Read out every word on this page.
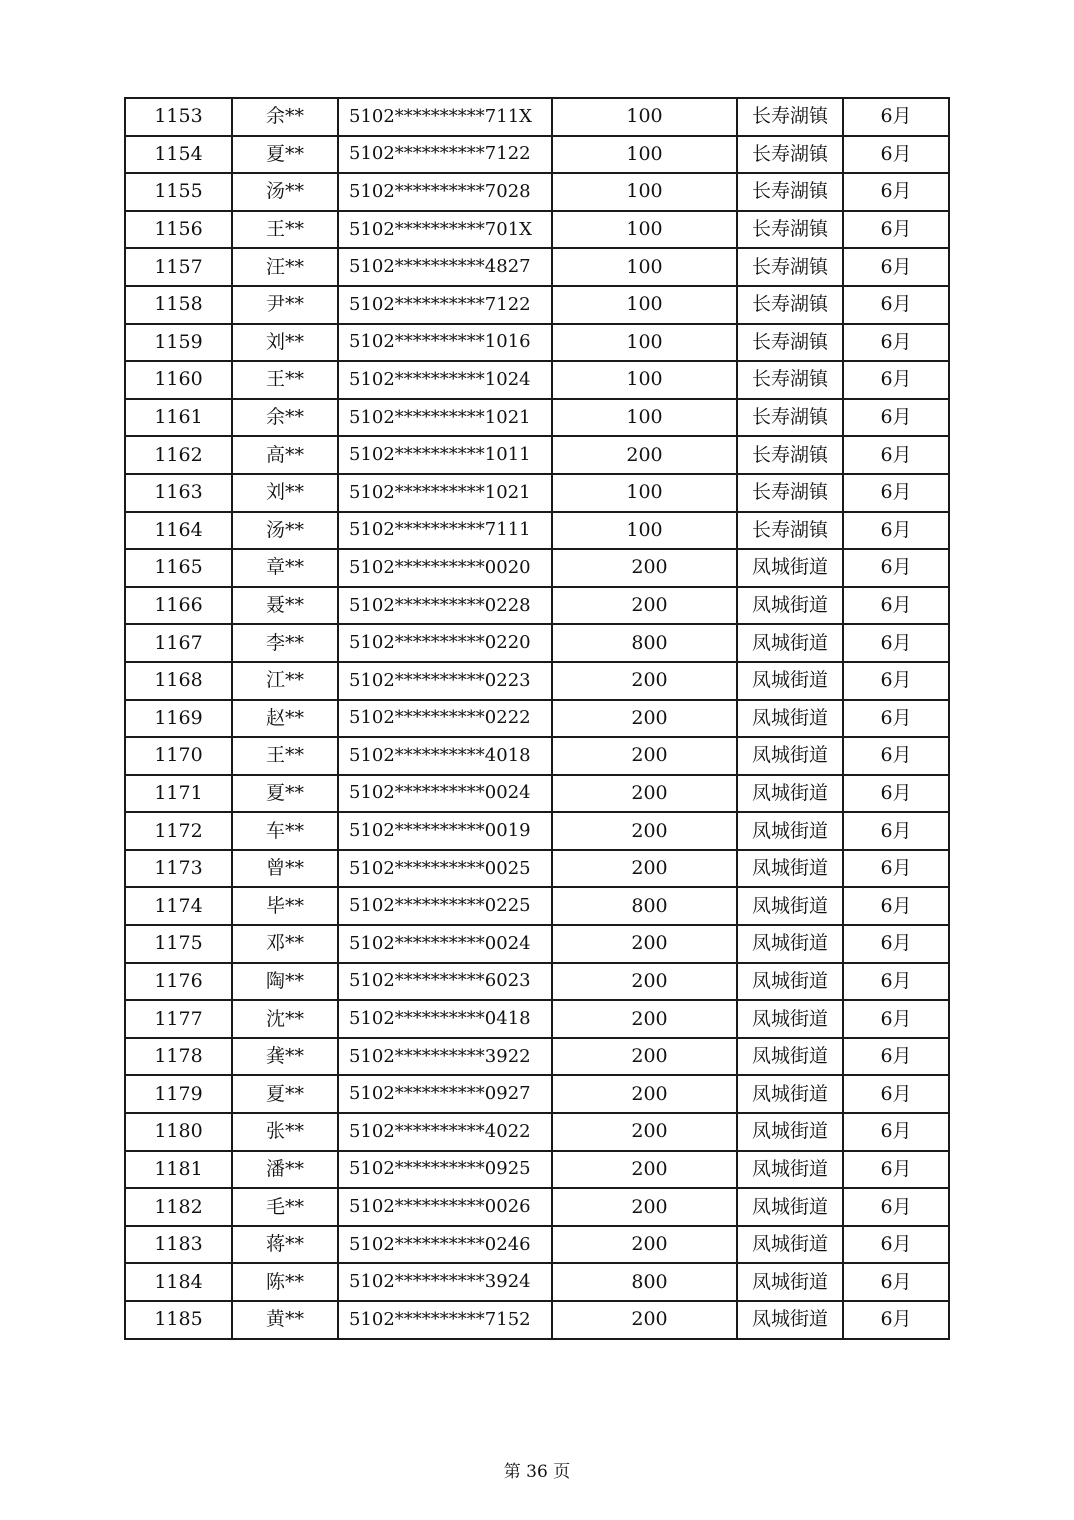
1153	余**	5102**********711X	100	长寿湖镇	6月
1154	夏**	5102**********7122	100	长寿湖镇	6月
1155	汤**	5102**********7028	100	长寿湖镇	6月
1156	王**	5102**********701X	100	长寿湖镇	6月
1157	汪**	5102**********4827	100	长寿湖镇	6月
1158	尹**	5102**********7122	100	长寿湖镇	6月
1159	刘**	5102**********1016	100	长寿湖镇	6月
1160	王**	5102**********1024	100	长寿湖镇	6月
1161	余**	5102**********1021	100	长寿湖镇	6月
1162	高**	5102**********1011	200	长寿湖镇	6月
1163	刘**	5102**********1021	100	长寿湖镇	6月
1164	汤**	5102**********7111	100	长寿湖镇	6月
1165	章**	5102**********0020	200	凤城街道	6月
1166	聂**	5102**********0228	200	凤城街道	6月
1167	李**	5102**********0220	800	凤城街道	6月
1168	江**	5102**********0223	200	凤城街道	6月
1169	赵**	5102**********0222	200	凤城街道	6月
1170	王**	5102**********4018	200	凤城街道	6月
1171	夏**	5102**********0024	200	凤城街道	6月
1172	车**	5102**********0019	200	凤城街道	6月
1173	曾**	5102**********0025	200	凤城街道	6月
1174	毕**	5102**********0225	800	凤城街道	6月
1175	邓**	5102**********0024	200	凤城街道	6月
1176	陶**	5102**********6023	200	凤城街道	6月
1177	沈**	5102**********0418	200	凤城街道	6月
1178	龚**	5102**********3922	200	凤城街道	6月
1179	夏**	5102**********0927	200	凤城街道	6月
1180	张**	5102**********4022	200	凤城街道	6月
1181	潘**	5102**********0925	200	凤城街道	6月
1182	毛**	5102**********0026	200	凤城街道	6月
1183	蒋**	5102**********0246	200	凤城街道	6月
1184	陈**	5102**********3924	800	凤城街道	6月
1185	黄**	5102**********7152	200	凤城街道	6月
第 36 页
